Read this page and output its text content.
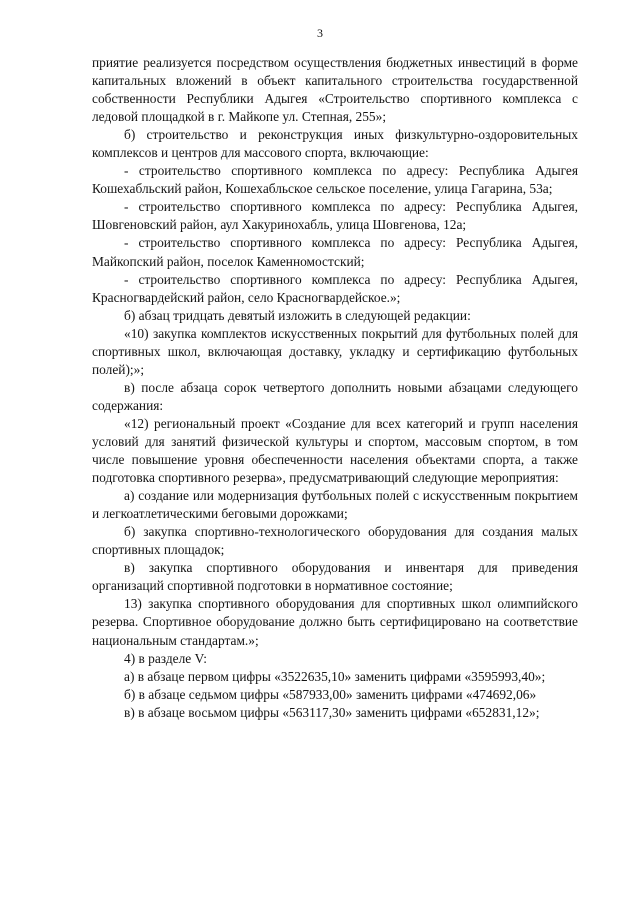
3

приятие реализуется посредством осуществления бюджетных инвестиций в форме капитальных вложений в объект капитального строительства государственной собственности Республики Адыгея «Строительство спортивного комплекса с ледовой площадкой в г. Майкопе ул. Степная, 255»;

б) строительство и реконструкция иных физкультурно-оздоровительных комплексов и центров для массового спорта, включающие:

- строительство спортивного комплекса по адресу: Республика Адыгея Кошехабльский район, Кошехабльское сельское поселение, улица Гагарина, 53а;

- строительство спортивного комплекса по адресу: Республика Адыгея, Шовгеновский район, аул Хакуринохабль, улица Шовгенова, 12а;

- строительство спортивного комплекса по адресу: Республика Адыгея, Майкопский район, поселок Каменномостский;

- строительство спортивного комплекса по адресу: Республика Адыгея, Красногвардейский район, село Красногвардейское.»;

б) абзац тридцать девятый изложить в следующей редакции:

«10) закупка комплектов искусственных покрытий для футбольных полей для спортивных школ, включающая доставку, укладку и сертификацию футбольных полей);»;

в) после абзаца сорок четвертого дополнить новыми абзацами следующего содержания:

«12) региональный проект «Создание для всех категорий и групп населения условий для занятий физической культуры и спортом, массовым спортом, в том числе повышение уровня обеспеченности населения объектами спорта, а также подготовка спортивного резерва», предусматривающий следующие мероприятия:

а) создание или модернизация футбольных полей с искусственным покрытием и легкоатлетическими беговыми дорожками;

б) закупка спортивно-технологического оборудования для создания малых спортивных площадок;

в) закупка спортивного оборудования и инвентаря для приведения организаций спортивной подготовки в нормативное состояние;

13) закупка спортивного оборудования для спортивных школ олимпийского резерва. Спортивное оборудование должно быть сертифицировано на соответствие национальным стандартам.»;

4) в разделе V:

а) в абзаце первом цифры «3522635,10» заменить цифрами «3595993,40»;

б) в абзаце седьмом цифры «587933,00» заменить цифрами «474692,06»

в) в абзаце восьмом цифры «563117,30» заменить цифрами «652831,12»;
